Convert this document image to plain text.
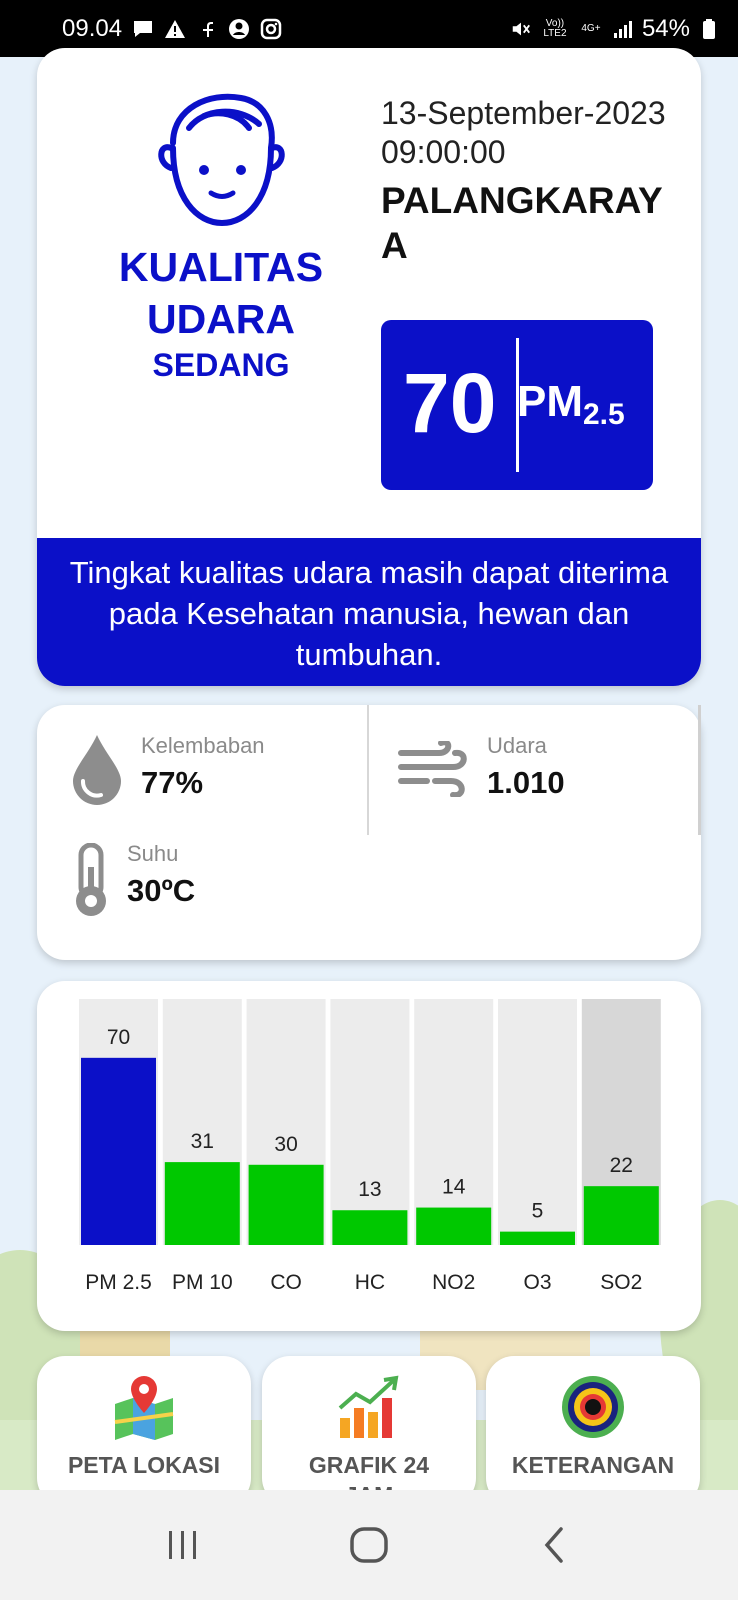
09.04	Vo)) LTE2	4G+ 54%
KUALITAS UDARA
SEDANG
13-September-2023 09:00:00
PALANGKARAYA
70 $PM_{2.5}$
Tingkat kualitas udara masih dapat diterima pada Kesehatan manusia, hewan dan tumbuhan.
Kelembaban
77%
Udara
1.010
Suhu
30ºC
70
PM 2.5
31
PM 10
30
CO
13
HC
14
NO2
5
O3
22
SO2
PETA LOKASI	GRAFIK 24	KETERANGAN
